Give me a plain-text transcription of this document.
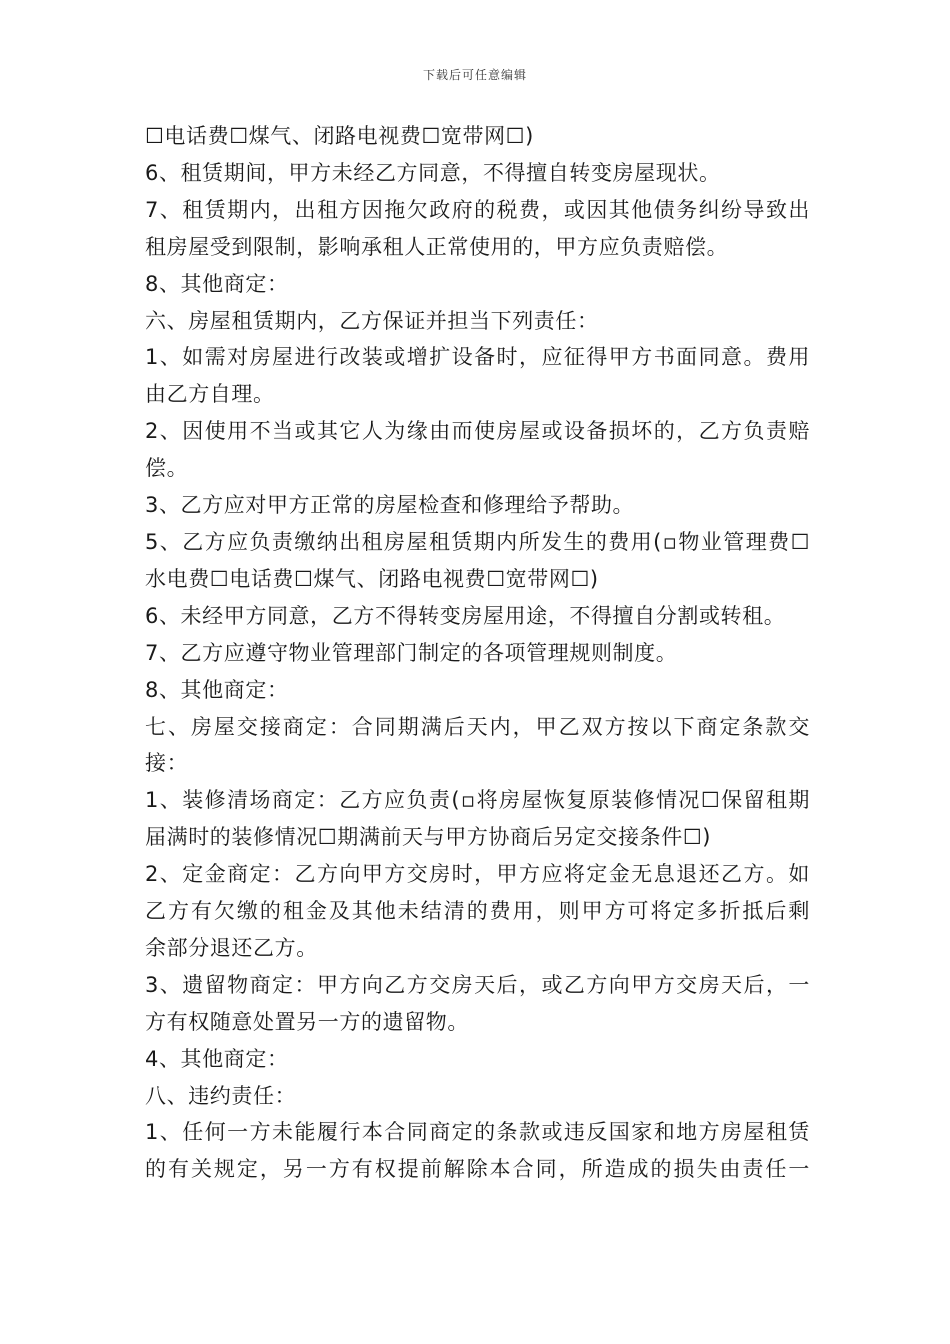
下载后可任意编辑
☐电话费☐煤气、闭路电视费☐宽带网☐)
6、租赁期间，甲方未经乙方同意，不得擅自转变房屋现状。
7、租赁期内，出租方因拖欠政府的税费，或因其他债务纠纷导致出
租房屋受到限制，影响承租人正常使用的，甲方应负责赔偿。
8、其他商定：
六、房屋租赁期内，乙方保证并担当下列责任：
1、如需对房屋进行改装或增扩设备时，应征得甲方书面同意。费用
由乙方自理。
2、因使用不当或其它人为缘由而使房屋或设备损坏的，乙方负责赔
偿。
3、乙方应对甲方正常的房屋检查和修理给予帮助。
5、乙方应负责缴纳出租房屋租赁期内所发生的费用(▫物业管理费☐
水电费☐电话费☐煤气、闭路电视费☐宽带网☐)
6、未经甲方同意，乙方不得转变房屋用途，不得擅自分割或转租。
7、乙方应遵守物业管理部门制定的各项管理规则制度。
8、其他商定：
七、房屋交接商定：合同期满后天内，甲乙双方按以下商定条款交
接：
1、装修清场商定：乙方应负责(▫将房屋恢复原装修情况☐保留租期
届满时的装修情况☐期满前天与甲方协商后另定交接条件☐)
2、定金商定：乙方向甲方交房时，甲方应将定金无息退还乙方。如
乙方有欠缴的租金及其他未结清的费用，则甲方可将定多折抵后剩
余部分退还乙方。
3、遗留物商定：甲方向乙方交房天后，或乙方向甲方交房天后，一
方有权随意处置另一方的遗留物。
4、其他商定：
八、违约责任：
1、任何一方未能履行本合同商定的条款或违反国家和地方房屋租赁
的有关规定，另一方有权提前解除本合同，所造成的损失由责任一
